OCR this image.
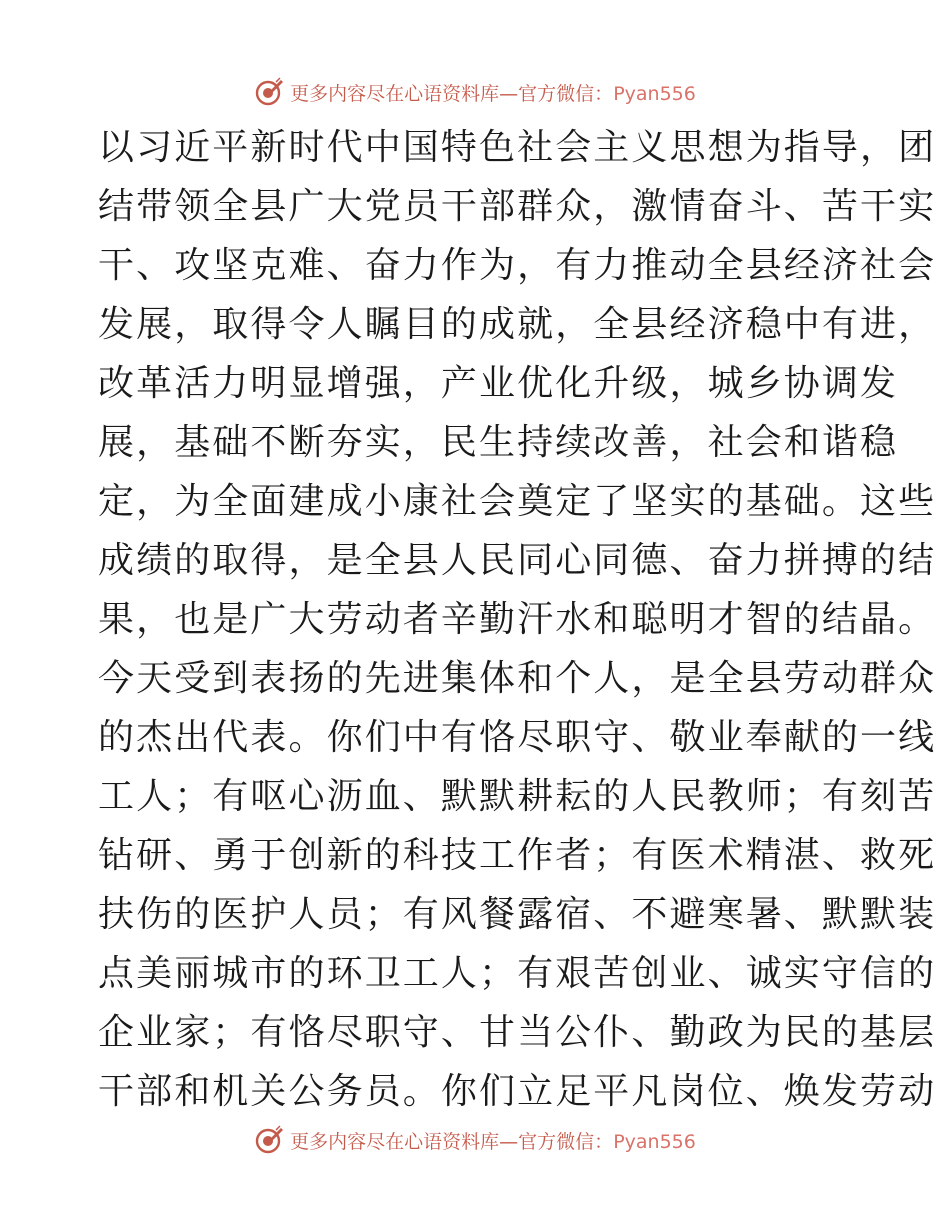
更多内容尽在心语资料库—官方微信：Pyan556
以习近平新时代中国特色社会主义思想为指导，团
结带领全县广大党员干部群众，激情奋斗、苦干实
干、攻坚克难、奋力作为，有力推动全县经济社会
发展，取得令人瞩目的成就，全县经济稳中有进，
改革活力明显增强，产业优化升级，城乡协调发
展，基础不断夯实，民生持续改善，社会和谐稳
定，为全面建成小康社会奠定了坚实的基础。这些
成绩的取得，是全县人民同心同德、奋力拼搏的结
果，也是广大劳动者辛勤汗水和聪明才智的结晶。
今天受到表扬的先进集体和个人，是全县劳动群众
的杰出代表。你们中有恪尽职守、敬业奉献的一线
工人；有呕心沥血、默默耕耘的人民教师；有刻苦
钻研、勇于创新的科技工作者；有医术精湛、救死
扶伤的医护人员；有风餐露宿、不避寒暑、默默装
点美丽城市的环卫工人；有艰苦创业、诚实守信的
企业家；有恪尽职守、甘当公仆、勤政为民的基层
干部和机关公务员。你们立足平凡岗位、焕发劳动
更多内容尽在心语资料库—官方微信：Pyan556
